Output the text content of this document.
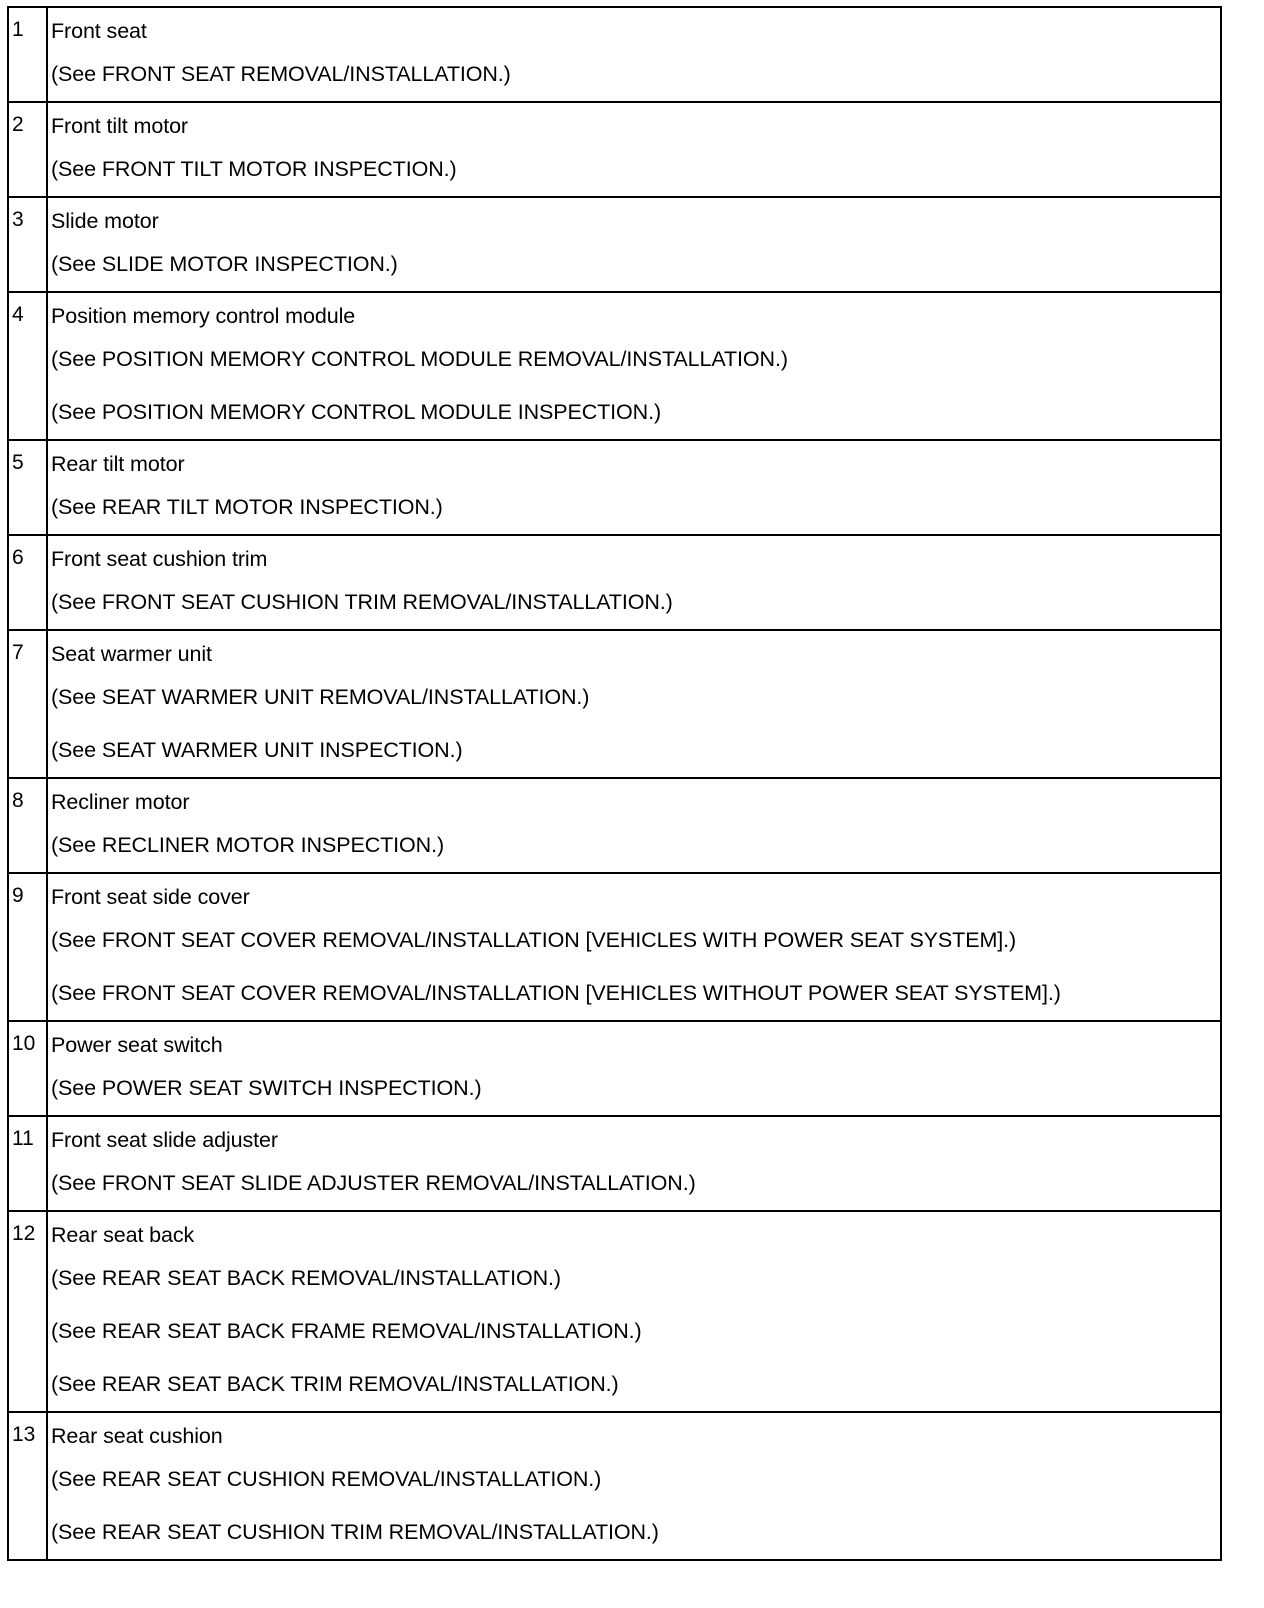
1	Front seat
(See FRONT SEAT REMOVAL/INSTALLATION.)

2	Front tilt motor
(See FRONT TILT MOTOR INSPECTION.)

3	Slide motor
(See SLIDE MOTOR INSPECTION.)

4	Position memory control module
(See POSITION MEMORY CONTROL MODULE REMOVAL/INSTALLATION.)
(See POSITION MEMORY CONTROL MODULE INSPECTION.)

5	Rear tilt motor
(See REAR TILT MOTOR INSPECTION.)

6	Front seat cushion trim
(See FRONT SEAT CUSHION TRIM REMOVAL/INSTALLATION.)

7	Seat warmer unit
(See SEAT WARMER UNIT REMOVAL/INSTALLATION.)
(See SEAT WARMER UNIT INSPECTION.)

8	Recliner motor
(See RECLINER MOTOR INSPECTION.)

9	Front seat side cover
(See FRONT SEAT COVER REMOVAL/INSTALLATION [VEHICLES WITH POWER SEAT SYSTEM].)
(See FRONT SEAT COVER REMOVAL/INSTALLATION [VEHICLES WITHOUT POWER SEAT SYSTEM].)

10	Power seat switch
(See POWER SEAT SWITCH INSPECTION.)

11	Front seat slide adjuster
(See FRONT SEAT SLIDE ADJUSTER REMOVAL/INSTALLATION.)

12	Rear seat back
(See REAR SEAT BACK REMOVAL/INSTALLATION.)
(See REAR SEAT BACK FRAME REMOVAL/INSTALLATION.)
(See REAR SEAT BACK TRIM REMOVAL/INSTALLATION.)

13	Rear seat cushion
(See REAR SEAT CUSHION REMOVAL/INSTALLATION.)
(See REAR SEAT CUSHION TRIM REMOVAL/INSTALLATION.)
